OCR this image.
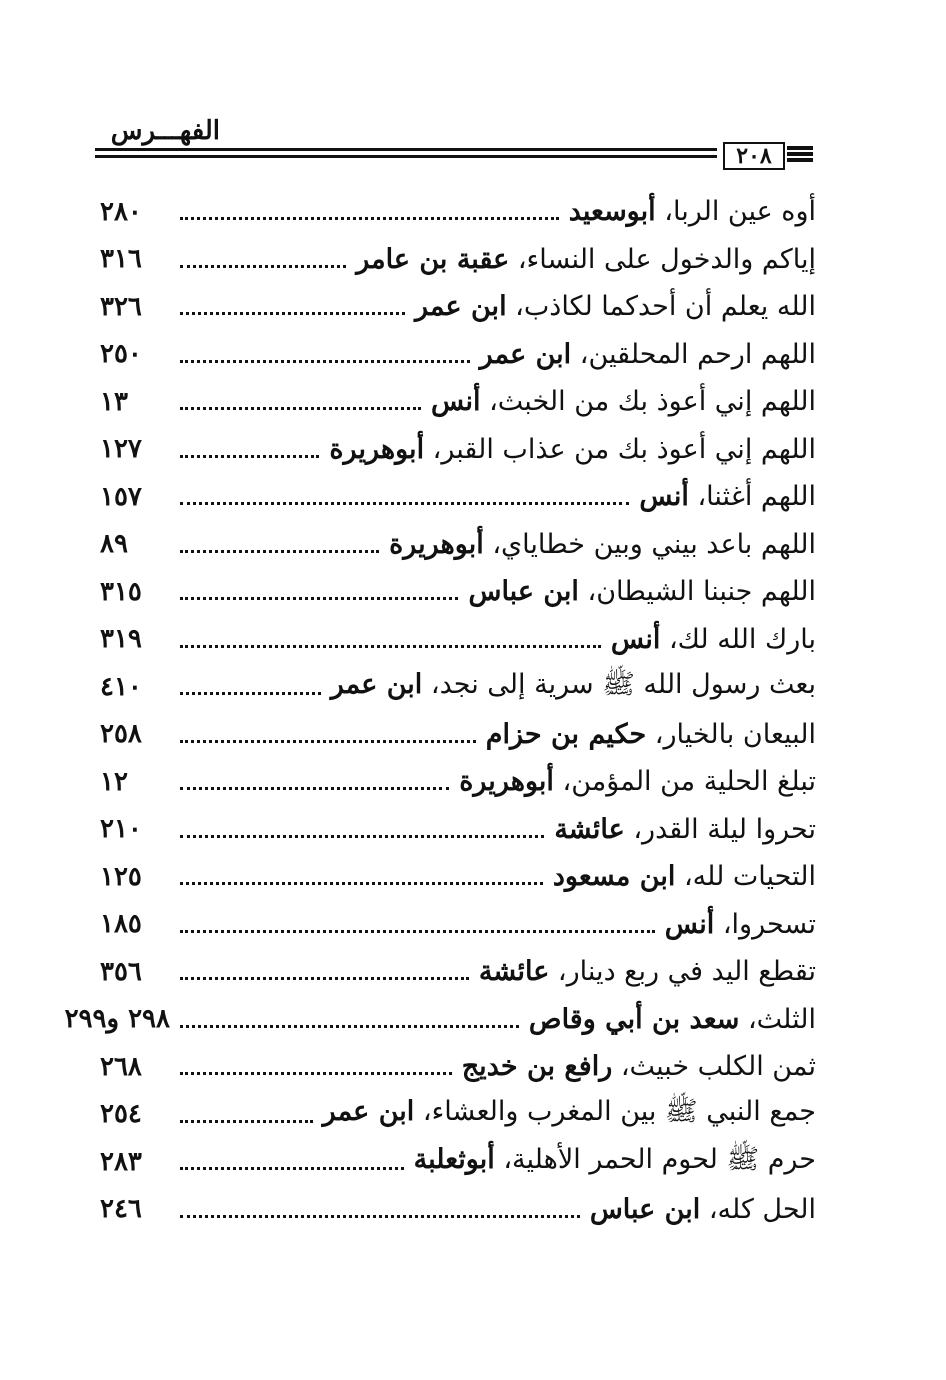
الفهـــرس
٢٠٨
أوه عين الربا، أبوسعيد
٢٨٠
إياكم والدخول على النساء، عقبة بن عامر
٣١٦
الله يعلم أن أحدكما لكاذب، ابن عمر
٣٢٦
اللهم ارحم المحلقين، ابن عمر
٢٥٠
اللهم إني أعوذ بك من الخبث، أنس
١٣
اللهم إني أعوذ بك من عذاب القبر، أبوهريرة
١٢٧
اللهم أغثنا، أنس
١٥٧
اللهم باعد بيني وبين خطاياي، أبوهريرة
٨٩
اللهم جنبنا الشيطان، ابن عباس
٣١٥
بارك الله لك، أنس
٣١٩
بعث رسول الله ﷺ سرية إلى نجد، ابن عمر
٤١٠
البيعان بالخيار، حكيم بن حزام
٢٥٨
تبلغ الحلية من المؤمن، أبوهريرة
١٢
تحروا ليلة القدر، عائشة
٢١٠
التحيات لله، ابن مسعود
١٢٥
تسحروا، أنس
١٨٥
تقطع اليد في ربع دينار، عائشة
٣٥٦
الثلث، سعد بن أبي وقاص
٢٩٨ و٢٩٩
ثمن الكلب خبيث، رافع بن خديج
٢٦٨
جمع النبي ﷺ بين المغرب والعشاء، ابن عمر
٢٥٤
حرم ﷺ لحوم الحمر الأهلية، أبوثعلبة
٢٨٣
الحل كله، ابن عباس
٢٤٦
